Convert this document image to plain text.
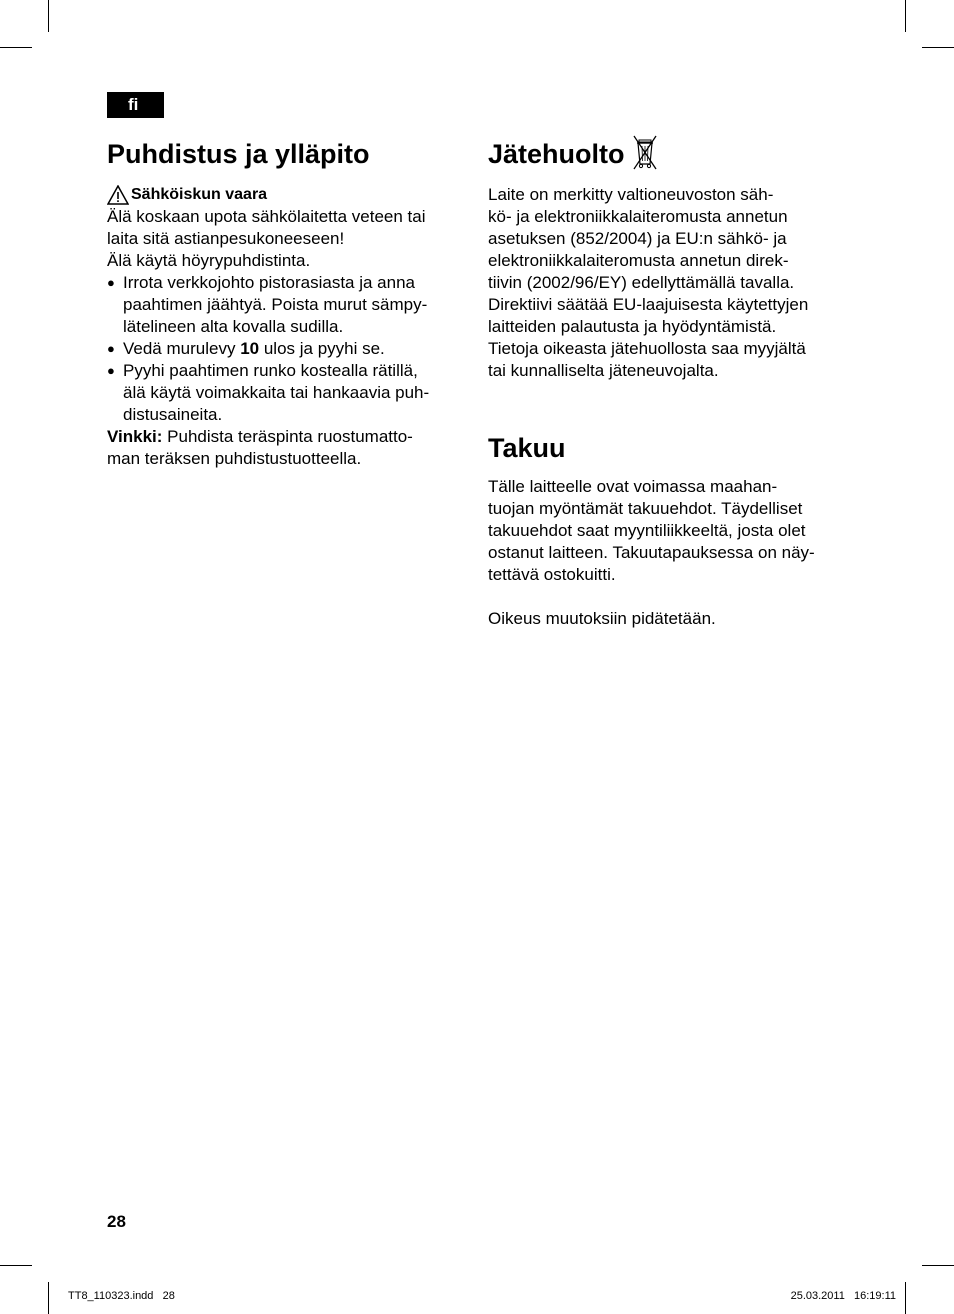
fi
Puhdistus ja ylläpito
Sähköiskun vaara

Älä koskaan upota sähkölaitetta veteen tai

laita sitä astianpesukoneeseen!

Älä käytä höyrypuhdistinta.

● Irrota verkkojohto pistorasiasta ja anna
paahtimen jäähtyä. Poista murut sämpy-
lätelineen alta kovalla sudilla.
● Vedä murulevy 10 ulos ja pyyhi se.
● Pyyhi paahtimen runko kostealla rätillä,
älä käytä voimakkaita tai hankaavia puh-
distusaineita.

Vinkki: Puhdista teräspinta ruostumatto-
man teräksen puhdistustuotteella.

Jätehuolto

Laite on merkitty valtioneuvoston säh-

kö- ja elektroniikkalaiteromusta annetun

asetuksen (852/2004) ja EU:n sähkö- ja

elektroniikkalaiteromusta annetun direk-

tiivin (2002/96/EY) edellyttämällä tavalla.

Direktiivi säätää EU-laajuisesta käytettyjen

laitteiden palautusta ja hyödyntämistä.

Tietoja oikeasta jätehuollosta saa myyjältä

tai kunnalliselta jäteneuvojalta.

Takuu

Tälle laitteelle ovat voimassa maahan-

tuojan myöntämät takuuehdot. Täydelliset

takuuehdot saat myyntiliikkeeltä, josta olet

ostanut laitteen. Takuutapauksessa on näy-

tettävä ostokuitti.

Oikeus muutoksiin pidätetään.

28
TT8_110323.indd   28	25.03.2011   16:19:11
